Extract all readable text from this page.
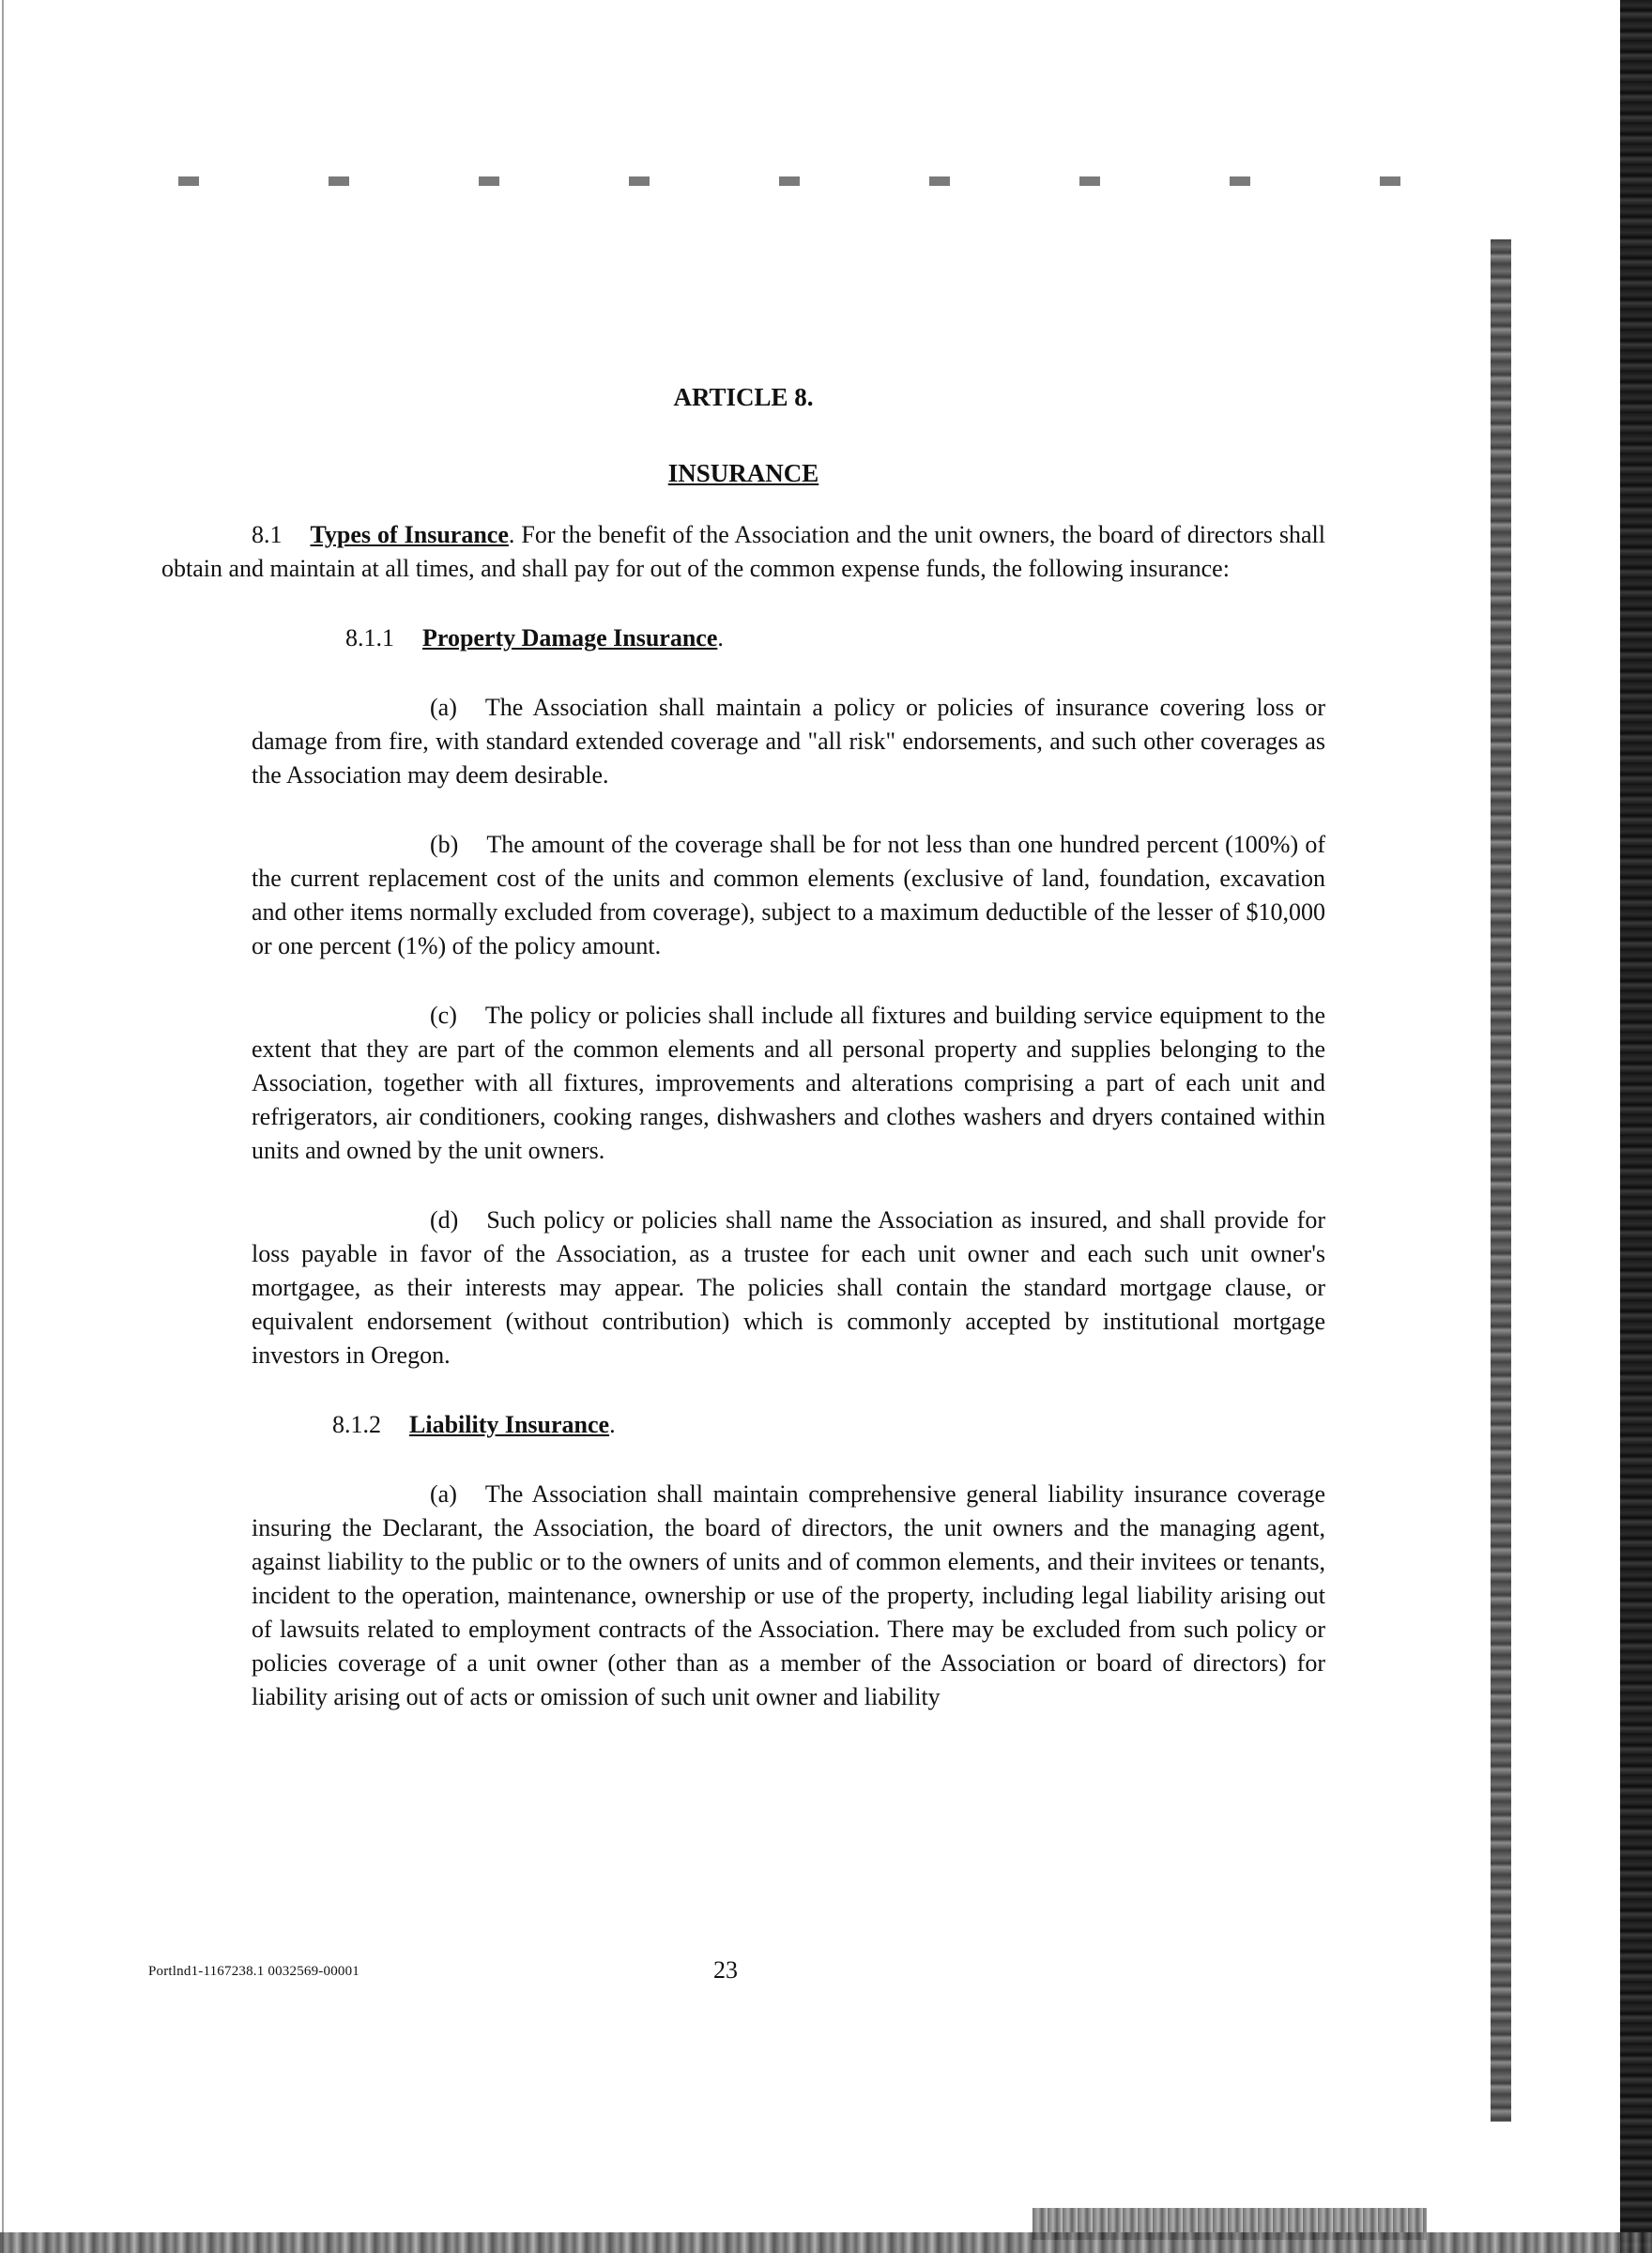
ARTICLE 8.
INSURANCE

8.1 Types of Insurance. For the benefit of the Association and the unit owners, the board of directors shall obtain and maintain at all times, and shall pay for out of the common expense funds, the following insurance:

8.1.1 Property Damage Insurance.

(a) The Association shall maintain a policy or policies of insurance covering loss or damage from fire, with standard extended coverage and "all risk" endorsements, and such other coverages as the Association may deem desirable.

(b) The amount of the coverage shall be for not less than one hundred percent (100%) of the current replacement cost of the units and common elements (exclusive of land, foundation, excavation and other items normally excluded from coverage), subject to a maximum deductible of the lesser of $10,000 or one percent (1%) of the policy amount.

(c) The policy or policies shall include all fixtures and building service equipment to the extent that they are part of the common elements and all personal property and supplies belonging to the Association, together with all fixtures, improvements and alterations comprising a part of each unit and refrigerators, air conditioners, cooking ranges, dishwashers and clothes washers and dryers contained within units and owned by the unit owners.

(d) Such policy or policies shall name the Association as insured, and shall provide for loss payable in favor of the Association, as a trustee for each unit owner and each such unit owner's mortgagee, as their interests may appear. The policies shall contain the standard mortgage clause, or equivalent endorsement (without contribution) which is commonly accepted by institutional mortgage investors in Oregon.

8.1.2 Liability Insurance.

(a) The Association shall maintain comprehensive general liability insurance coverage insuring the Declarant, the Association, the board of directors, the unit owners and the managing agent, against liability to the public or to the owners of units and of common elements, and their invitees or tenants, incident to the operation, maintenance, ownership or use of the property, including legal liability arising out of lawsuits related to employment contracts of the Association. There may be excluded from such policy or policies coverage of a unit owner (other than as a member of the Association or board of directors) for liability arising out of acts or omission of such unit owner and liability

Portlnd1-1167238.1 0032569-00001	23
